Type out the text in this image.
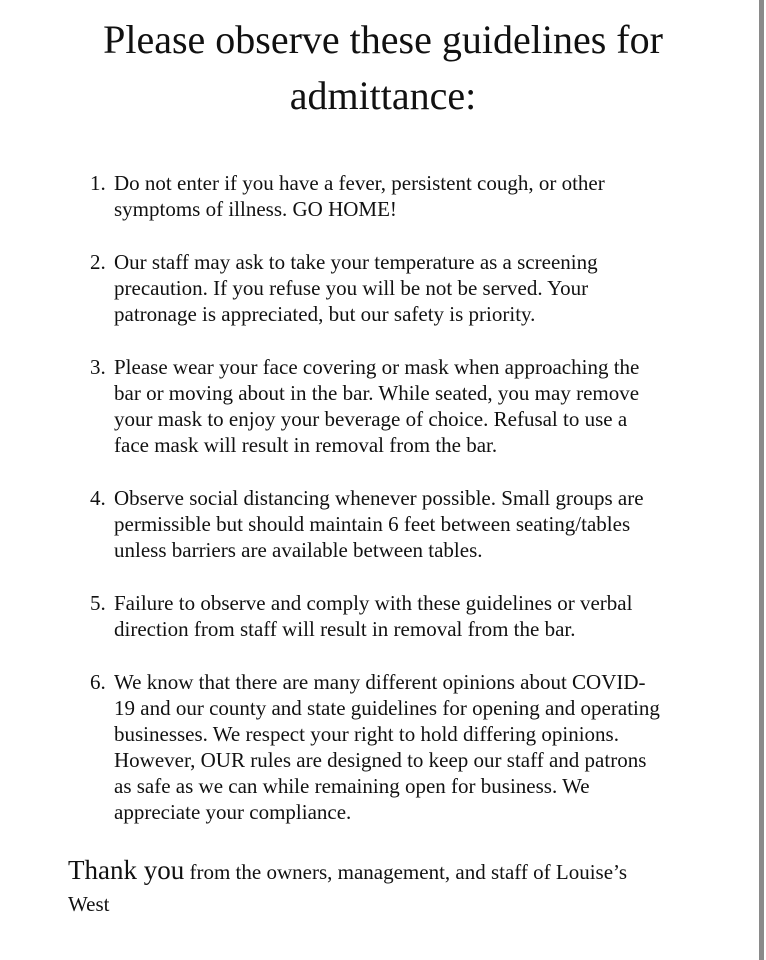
Please observe these guidelines for
admittance:
1. Do not enter if you have a fever, persistent cough, or other
symptoms of illness. GO HOME!
2. Our staff may ask to take your temperature as a screening
precaution. If you refuse you will be not be served. Your
patronage is appreciated, but our safety is priority.
3. Please wear your face covering or mask when approaching the
bar or moving about in the bar. While seated, you may remove
your mask to enjoy your beverage of choice. Refusal to use a
face mask will result in removal from the bar.
4. Observe social distancing whenever possible. Small groups are
permissible but should maintain 6 feet between seating/tables
unless barriers are available between tables.
5. Failure to observe and comply with these guidelines or verbal
direction from staff will result in removal from the bar.
6. We know that there are many different opinions about COVID-
19 and our county and state guidelines for opening and operating
businesses. We respect your right to hold differing opinions.
However, OUR rules are designed to keep our staff and patrons
as safe as we can while remaining open for business. We
appreciate your compliance.

Thank you from the owners, management, and staff of Louise’s
West
